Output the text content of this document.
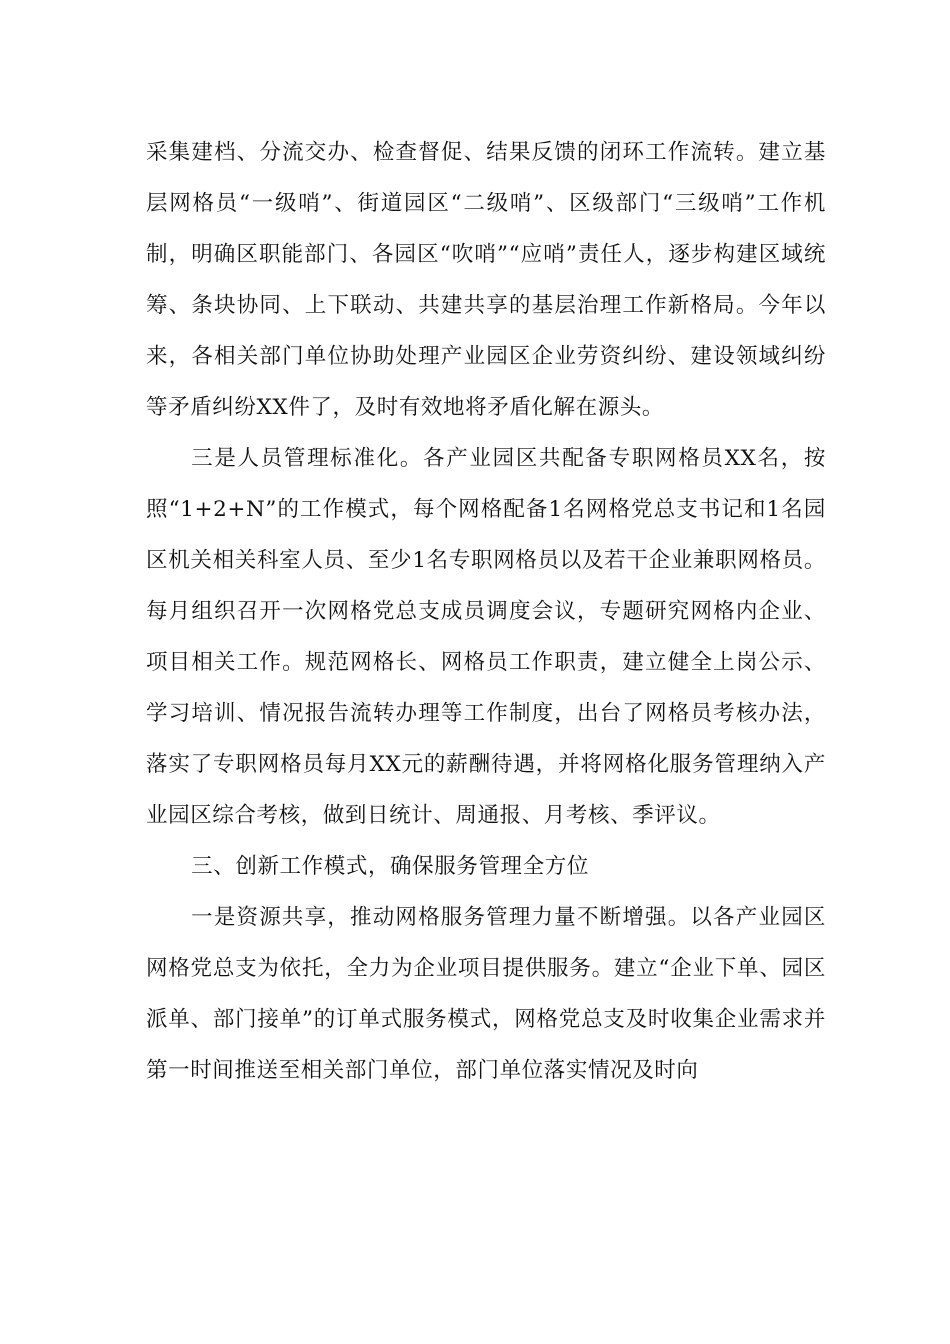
采集建档、分流交办、检查督促、结果反馈的闭环工作流转。建立基层网格员“一级哨”、街道园区“二级哨”、区级部门“三级哨”工作机制，明确区职能部门、各园区“吹哨”“应哨”责任人，逐步构建区域统筹、条块协同、上下联动、共建共享的基层治理工作新格局。今年以来，各相关部门单位协助处理产业园区企业劳资纠纷、建设领域纠纷等矛盾纠纷XX件了，及时有效地将矛盾化解在源头。

三是人员管理标准化。各产业园区共配备专职网格员XX名，按照“1+2+N”的工作模式，每个网格配备1名网格党总支书记和1名园区机关相关科室人员、至少1名专职网格员以及若干企业兼职网格员。每月组织召开一次网格党总支成员调度会议，专题研究网格内企业、项目相关工作。规范网格长、网格员工作职责，建立健全上岗公示、学习培训、情况报告流转办理等工作制度，出台了网格员考核办法，落实了专职网格员每月XX元的薪酬待遇，并将网格化服务管理纳入产业园区综合考核，做到日统计、周通报、月考核、季评议。

三、创新工作模式，确保服务管理全方位

一是资源共享，推动网格服务管理力量不断增强。以各产业园区网格党总支为依托，全力为企业项目提供服务。建立“企业下单、园区派单、部门接单”的订单式服务模式，网格党总支及时收集企业需求并第一时间推送至相关部门单位，部门单位落实情况及时向
